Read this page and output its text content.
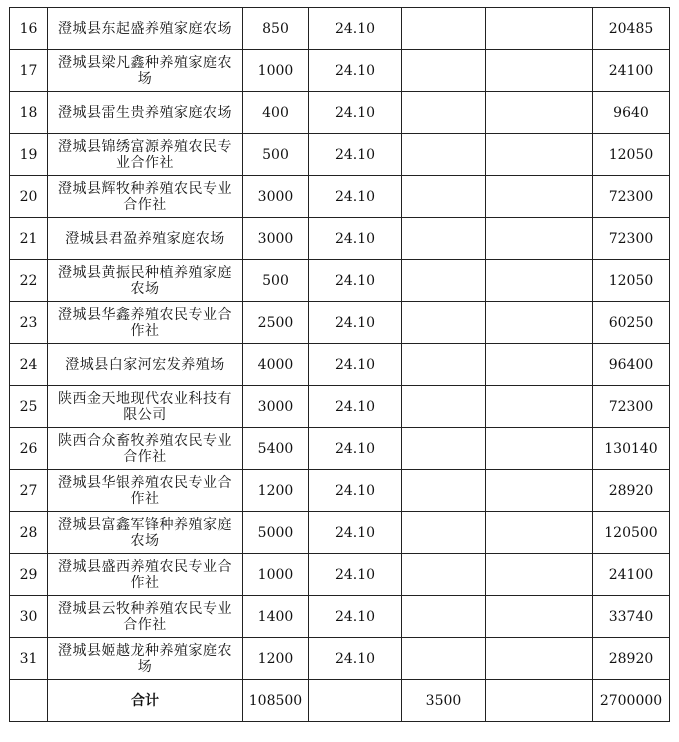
16	澄城县东起盛养殖家庭农场	850	24.10			20485
17	澄城县梁凡鑫种养殖家庭农场	1000	24.10			24100
18	澄城县雷生贵养殖家庭农场	400	24.10			9640
19	澄城县锦绣富源养殖农民专业合作社	500	24.10			12050
20	澄城县辉牧种养殖农民专业合作社	3000	24.10			72300
21	澄城县君盈养殖家庭农场	3000	24.10			72300
22	澄城县黄振民种植养殖家庭农场	500	24.10			12050
23	澄城县华鑫养殖农民专业合作社	2500	24.10			60250
24	澄城县白家河宏发养殖场	4000	24.10			96400
25	陕西金天地现代农业科技有限公司	3000	24.10			72300
26	陕西合众畜牧养殖农民专业合作社	5400	24.10			130140
27	澄城县华银养殖农民专业合作社	1200	24.10			28920
28	澄城县富鑫军锋种养殖家庭农场	5000	24.10			120500
29	澄城县盛西养殖农民专业合作社	1000	24.10			24100
30	澄城县云牧种养殖农民专业合作社	1400	24.10			33740
31	澄城县姬越龙种养殖家庭农场	1200	24.10			28920
	合计	108500		3500		2700000
